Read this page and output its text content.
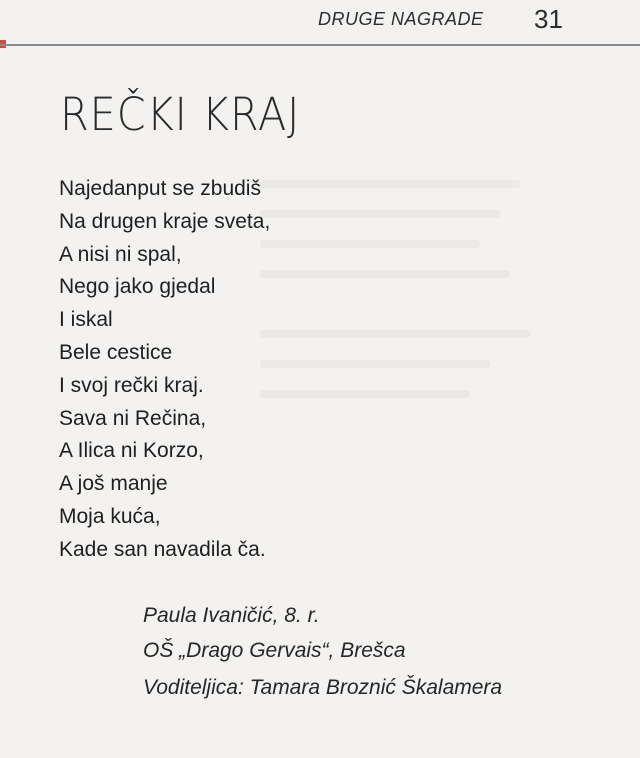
DRUGE NAGRADE 31

REČKI KRAJ
Najedanput se zbudiš
Na drugen kraje sveta,
A nisi ni spal,
Nego jako gjedal
I iskal
Bele cestice
I svoj rečki kraj.
Sava ni Rečina,
A Ilica ni Korzo,
A još manje
Moja kuća,
Kade san navadila ča.
Paula Ivaničić, 8. r.
OŠ „Drago Gervais“, Brešca
Voditeljica: Tamara Broznić Škalamera
